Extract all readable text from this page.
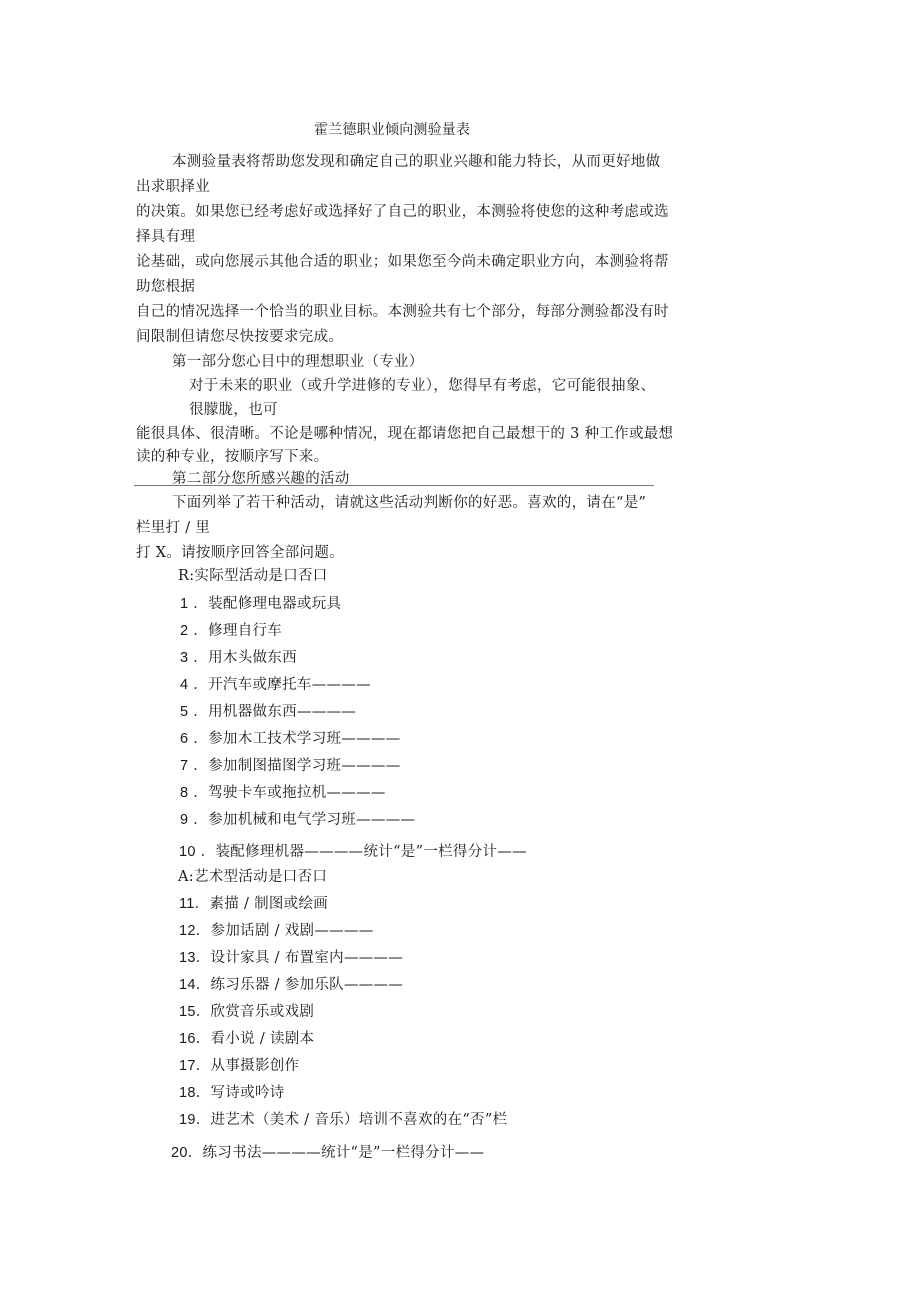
霍兰德职业倾向测验量表
本测验量表将帮助您发现和确定自己的职业兴趣和能力特长，从而更好地做
出求职择业
的决策。如果您已经考虑好或选择好了自己的职业，本测验将使您的这种考虑或选
择具有理
论基础，或向您展示其他合适的职业；如果您至今尚未确定职业方向，本测验将帮
助您根据
自己的情况选择一个恰当的职业目标。本测验共有七个部分，每部分测验都没有时
间限制但请您尽快按要求完成。
第一部分您心目中的理想职业（专业）
对于未来的职业（或升学进修的专业），您得早有考虑，它可能很抽象、
很朦胧，也可
能很具体、很清晰。不论是哪种情况，现在都请您把自己最想干的 3 种工作或最想
读的种专业，按顺序写下来。
第二部分您所感兴趣的活动
下面列举了若干种活动，请就这些活动判断你的好恶。喜欢的，请在“是”
栏里打 / 里
打 X。请按顺序回答全部问题。
R:实际型活动是口否口
1 ．装配修理电器或玩具
2 ．修理自行车
3 ．用木头做东西
4 ．开汽车或摩托车————
5 ．用机器做东西————
6 ．参加木工技术学习班————
7 ．参加制图描图学习班————
8 ．驾驶卡车或拖拉机————
9 ．参加机械和电气学习班————
10 ．装配修理机器————统计“是”一栏得分计——
A:艺术型活动是口否口
11．素描 / 制图或绘画
12．参加话剧 / 戏剧————
13．设计家具 / 布置室内————
14．练习乐器 / 参加乐队————
15．欣赏音乐或戏剧
16．看小说 / 读剧本
17．从事摄影创作
18．写诗或吟诗
19．进艺术（美术 / 音乐）培训不喜欢的在“否”栏
20．练习书法————统计“是”一栏得分计——
